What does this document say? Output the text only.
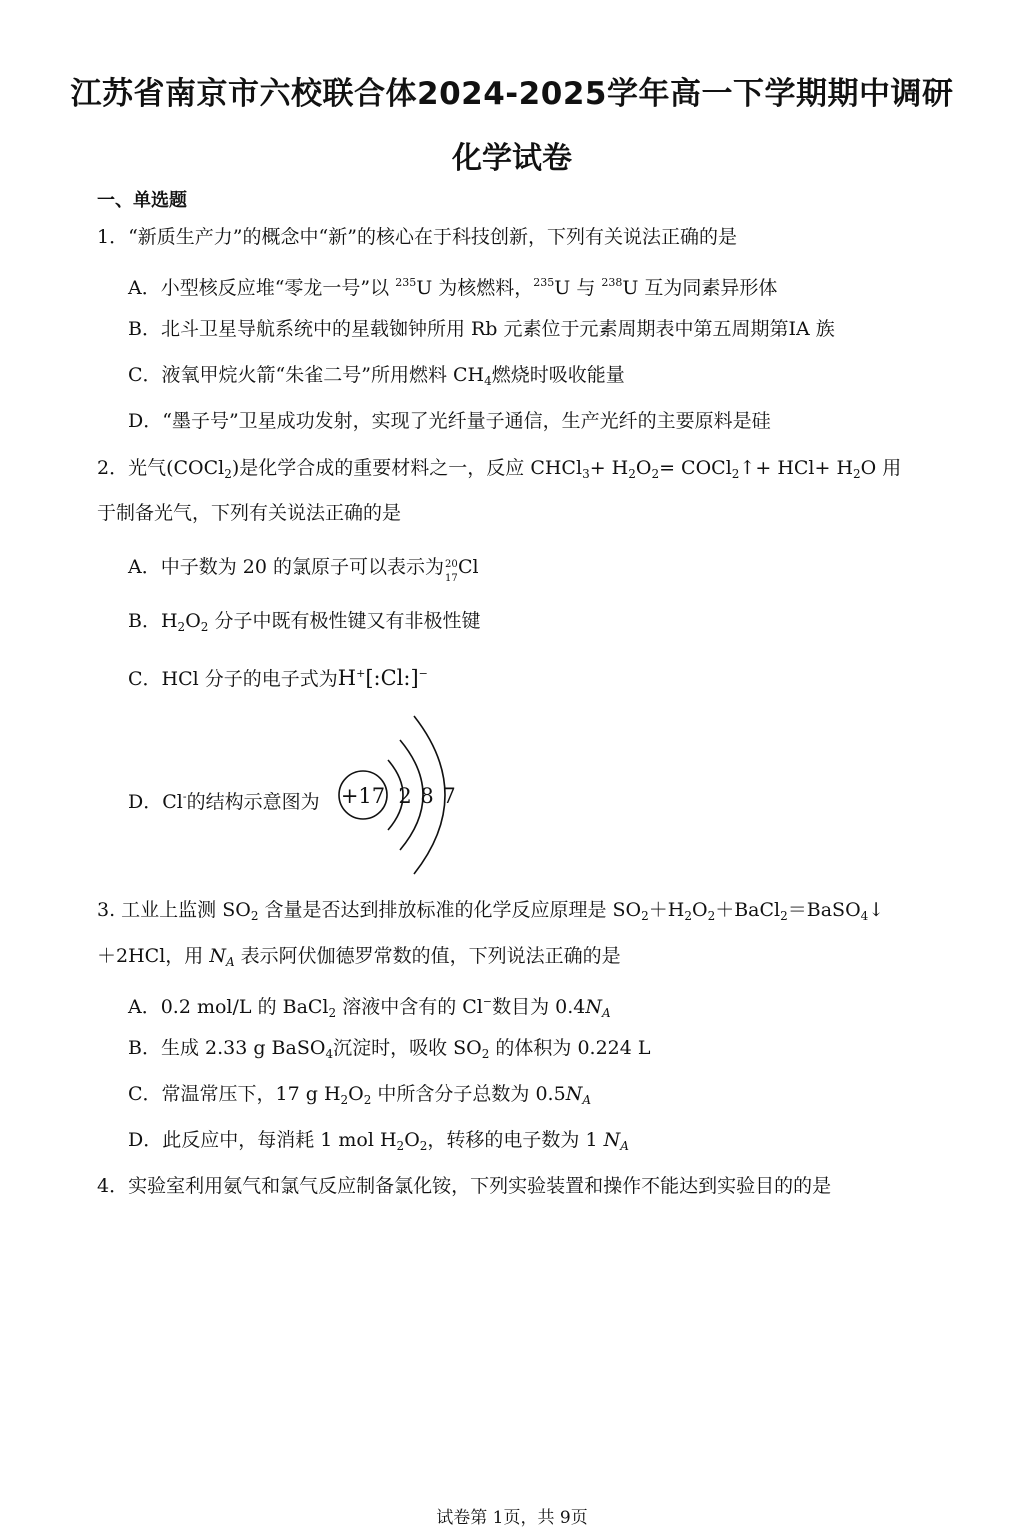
江苏省南京市六校联合体2024-2025学年高一下学期期中调研
化学试卷
一、单选题
1．“新质生产力”的概念中“新”的核心在于科技创新，下列有关说法正确的是
A．小型核反应堆“零龙一号”以 $^{235}$U 为核燃料，$^{235}$U 与 $^{238}$U 互为同素异形体
B．北斗卫星导航系统中的星载铷钟所用 Rb 元素位于元素周期表中第五周期第ⅠA 族
C．液氧甲烷火箭“朱雀二号”所用燃料 $CH_4$燃烧时吸收能量
D．“墨子号”卫星成功发射，实现了光纤量子通信，生产光纤的主要原料是硅
2．光气(COCl$_2$)是化学合成的重要材料之一，反应 CHCl$_3$+ $H_2O_2=$ COCl$_2$↑+ $HCl+ H_2O$ 用
于制备光气，下列有关说法正确的是
A．中子数为 20 的氯原子可以表示为 20
17
Cl
B．$H_2O_2$ 分子中既有极性键又有非极性键
C．HCl 分子的电子式为H+[:Cl:]−
D．Cl-的结构示意图为 +17 2 8 7
3. 工业上监测 $SO_2$ 含量是否达到排放标准的化学反应原理是 $SO_2+H_2O_2+BaCl_2=BaSO_4↓$
＋2HCl，用 $N_A$ 表示阿伏伽德罗常数的值，下列说法正确的是
A．0.2 mol/L 的 BaCl$_2$ 溶液中含有的 Cl−数目为 $0.4N_A$
B．生成 2.33 g BaSO$_4$沉淀时，吸收 $SO_2$ 的体积为 0.224 L
C．常温常压下，17 g $H_2O_2$ 中所含分子总数为 $0.5N_A$
D．此反应中，每消耗 1 mol $H_2O_2$，转移的电子数为 1 $N_A$
4．实验室利用氨气和氯气反应制备氯化铵，下列实验装置和操作不能达到实验目的的是
试卷第 1页，共 9页
